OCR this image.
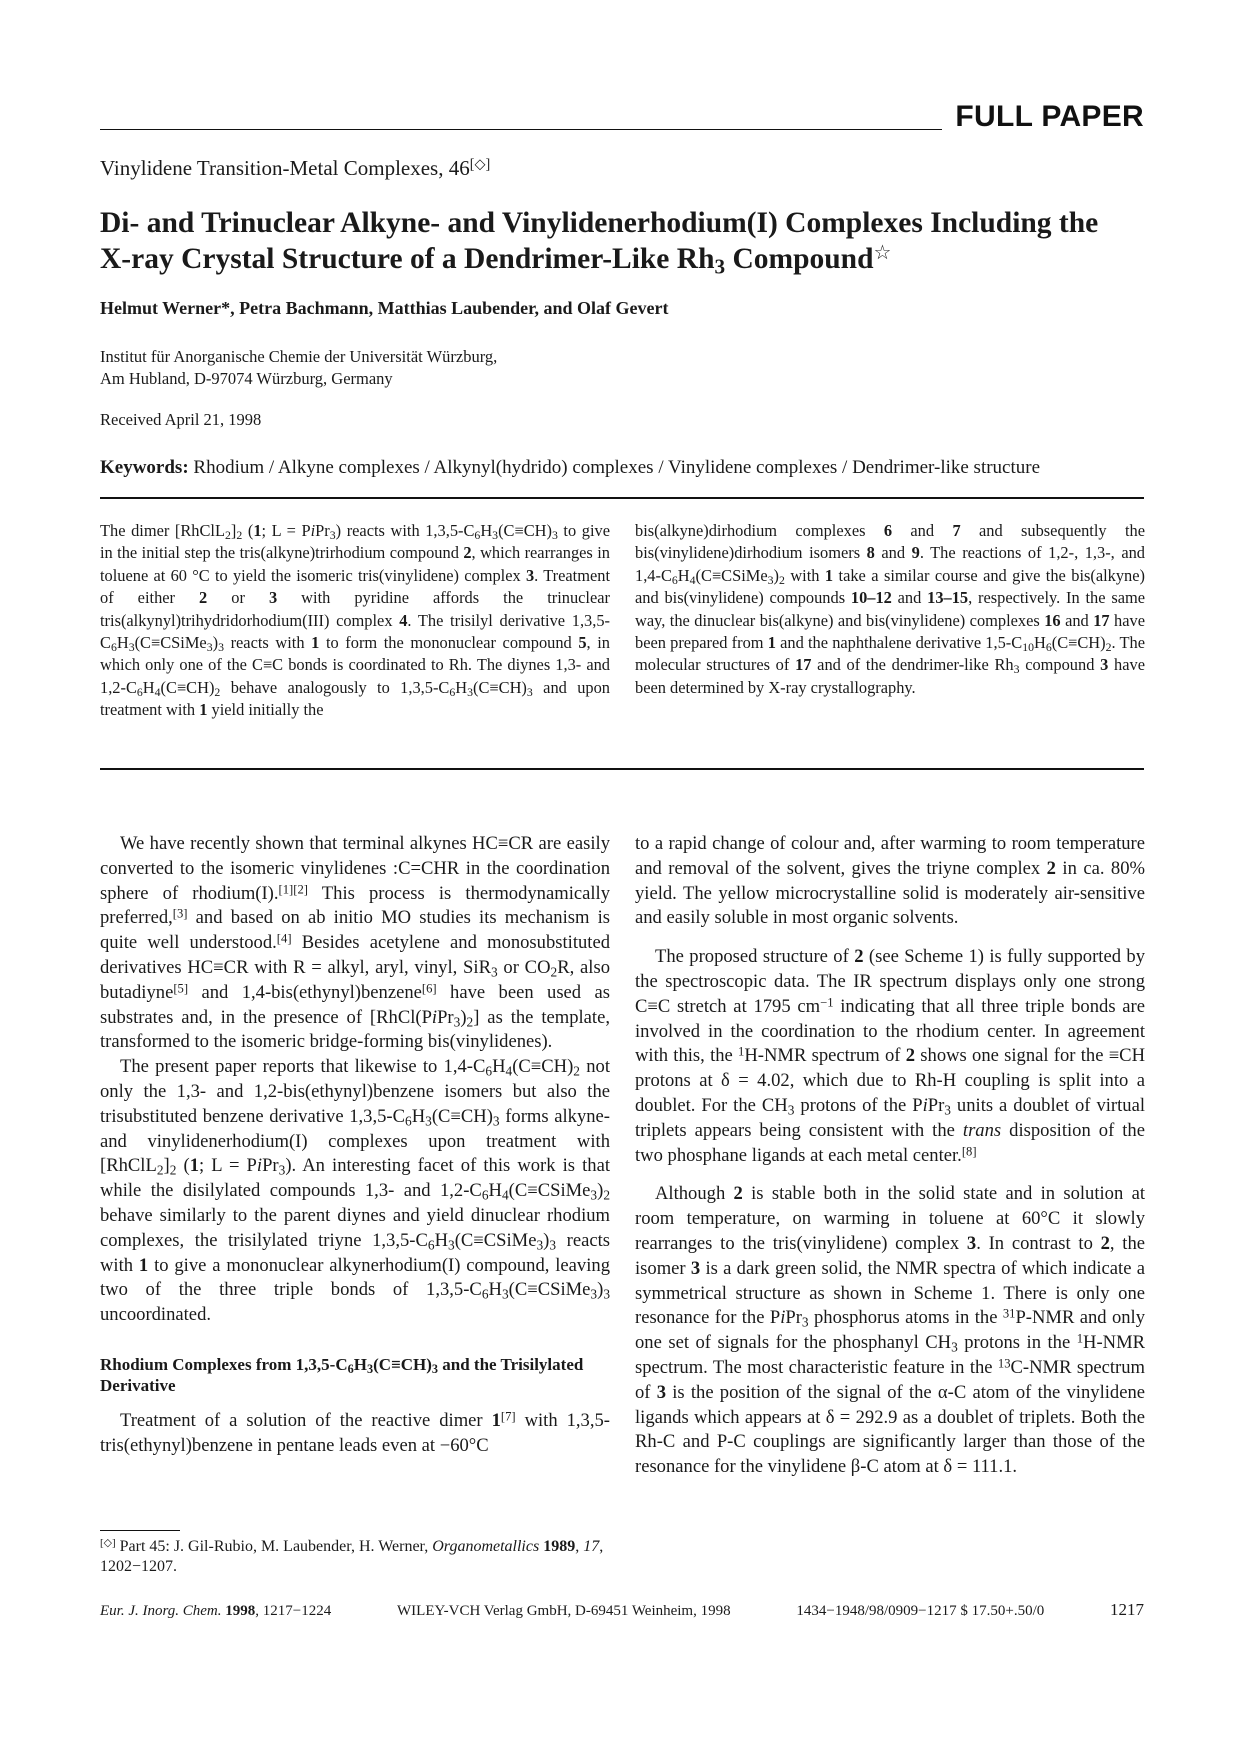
FULL PAPER
Vinylidene Transition-Metal Complexes, 46[◇]
Di- and Trinuclear Alkyne- and Vinylidenerhodium(I) Complexes Including the
X-ray Crystal Structure of a Dendrimer-Like $Rh_3$ Compound☆
Helmut Werner*, Petra Bachmann, Matthias Laubender, and Olaf Gevert
Institut für Anorganische Chemie der Universität Würzburg,
Am Hubland, D-97074 Würzburg, Germany
Received April 21, 1998
Keywords: Rhodium / Alkyne complexes / Alkynyl(hydrido) complexes / Vinylidene complexes / Dendrimer-like structure

The dimer $[RhClL_2]_2$ (1; L = PiPr$_3$) reacts with $1,3,5-C_6H_3(C\equiv CH)_3$ to give in the initial step the tris(alkyne)trirhodium compound 2, which rearranges in toluene at 60 °C to yield the isomeric tris(vinylidene) complex 3. Treatment of either 2 or 3 with pyridine affords the trinuclear tris(alkynyl)trihydridorhodium(III) complex 4. The trisilyl derivative $1,3,5-C_6H_3(C\equiv CSiMe_3)_3$ reacts with 1 to form the mononuclear compound 5, in which only one of the C≡C bonds is coordinated to Rh. The diynes 1,3- and $1,2-C_6H_4(C\equiv CH)_2$ behave analogously to $1,3,5-C_6H_3(C\equiv CH)_3$ and upon treatment with 1 yield initially the

bis(alkyne)dirhodium complexes 6 and 7 and subsequently the bis(vinylidene)dirhodium isomers 8 and 9. The reactions of 1,2-, 1,3-, and $1,4-C_6H_4(C\equiv CSiMe_3)_2$ with 1 take a similar course and give the bis(alkyne) and bis(vinylidene) compounds 10–12 and 13–15, respectively. In the same way, the dinuclear bis(alkyne) and bis(vinylidene) complexes 16 and 17 have been prepared from 1 and the naphthalene derivative $1,5-C_{10}H_6(C\equiv CH)_2$. The molecular structures of 17 and of the dendrimer-like $Rh_3$ compound 3 have been determined by X-ray crystallography.

We have recently shown that terminal alkynes HC≡CR are easily converted to the isomeric vinylidenes :C=CHR in the coordination sphere of rhodium(I).[1][2] This process is thermodynamically preferred,[3] and based on ab initio MO studies its mechanism is quite well understood.[4] Besides acetylene and monosubstituted derivatives HC≡CR with R = alkyl, aryl, vinyl, SiR$_3$ or $CO_2R$, also butadiyne[5] and 1,4-bis(ethynyl)benzene[6] have been used as substrates and, in the presence of $[RhCl(PiPr_3)_2]$ as the template, transformed to the isomeric bridge-forming bis(vinylidenes).

The present paper reports that likewise to $1,4-C_6H_4(C\equiv CH)_2$ not only the 1,3- and 1,2-bis(ethynyl)benzene isomers but also the trisubstituted benzene derivative $1,3,5-C_6H_3(C\equiv CH)_3$ forms alkyne- and vinylidenerhodium(I) complexes upon treatment with $[RhClL_2]_2$ (1; L = PiPr$_3$). An interesting facet of this work is that while the disilylated compounds 1,3- and $1,2-C_6H_4(C\equiv CSiMe_3)_2$ behave similarly to the parent diynes and yield dinuclear rhodium complexes, the trisilylated triyne $1,3,5-C_6H_3(C\equiv CSiMe_3)_3$ reacts with 1 to give a mononuclear alkynerhodium(I) compound, leaving two of the three triple bonds of $1,3,5-C_6H_3(C\equiv CSiMe_3)_3$ uncoordinated.

Rhodium Complexes from $1,3,5-C_6H_3(C\equiv CH)_3$ and the Trisilylated Derivative

Treatment of a solution of the reactive dimer 1[7] with 1,3,5-tris(ethynyl)benzene in pentane leads even at −60°C

to a rapid change of colour and, after warming to room temperature and removal of the solvent, gives the triyne complex 2 in ca. 80% yield. The yellow microcrystalline solid is moderately air-sensitive and easily soluble in most organic solvents.

The proposed structure of 2 (see Scheme 1) is fully supported by the spectroscopic data. The IR spectrum displays only one strong C≡C stretch at 1795 $cm^{-1}$ indicating that all three triple bonds are involved in the coordination to the rhodium center. In agreement with this, the $^1$H-NMR spectrum of 2 shows one signal for the ≡CH protons at δ = 4.02, which due to Rh-H coupling is split into a doublet. For the $CH_3$ protons of the PiPr$_3$ units a doublet of virtual triplets appears being consistent with the trans disposition of the two phosphane ligands at each metal center.[8]

Although 2 is stable both in the solid state and in solution at room temperature, on warming in toluene at 60°C it slowly rearranges to the tris(vinylidene) complex 3. In contrast to 2, the isomer 3 is a dark green solid, the NMR spectra of which indicate a symmetrical structure as shown in Scheme 1. There is only one resonance for the PiPr$_3$ phosphorus atoms in the $^{31}$P-NMR and only one set of signals for the phosphanyl $CH_3$ protons in the $^1$H-NMR spectrum. The most characteristic feature in the $^{13}$C-NMR spectrum of 3 is the position of the signal of the α-C atom of the vinylidene ligands which appears at δ = 292.9 as a doublet of triplets. Both the Rh-C and P-C couplings are significantly larger than those of the resonance for the vinylidene β-C atom at δ = 111.1.

[◇] Part 45: J. Gil-Rubio, M. Laubender, H. Werner, Organometallics 1989, 17, 1202−1207.
Eur. J. Inorg. Chem. 1998, 1217−1224	WILEY-VCH Verlag GmbH, D-69451 Weinheim, 1998	1434−1948/98/0909−1217 $ 17.50+.50/0	1217
